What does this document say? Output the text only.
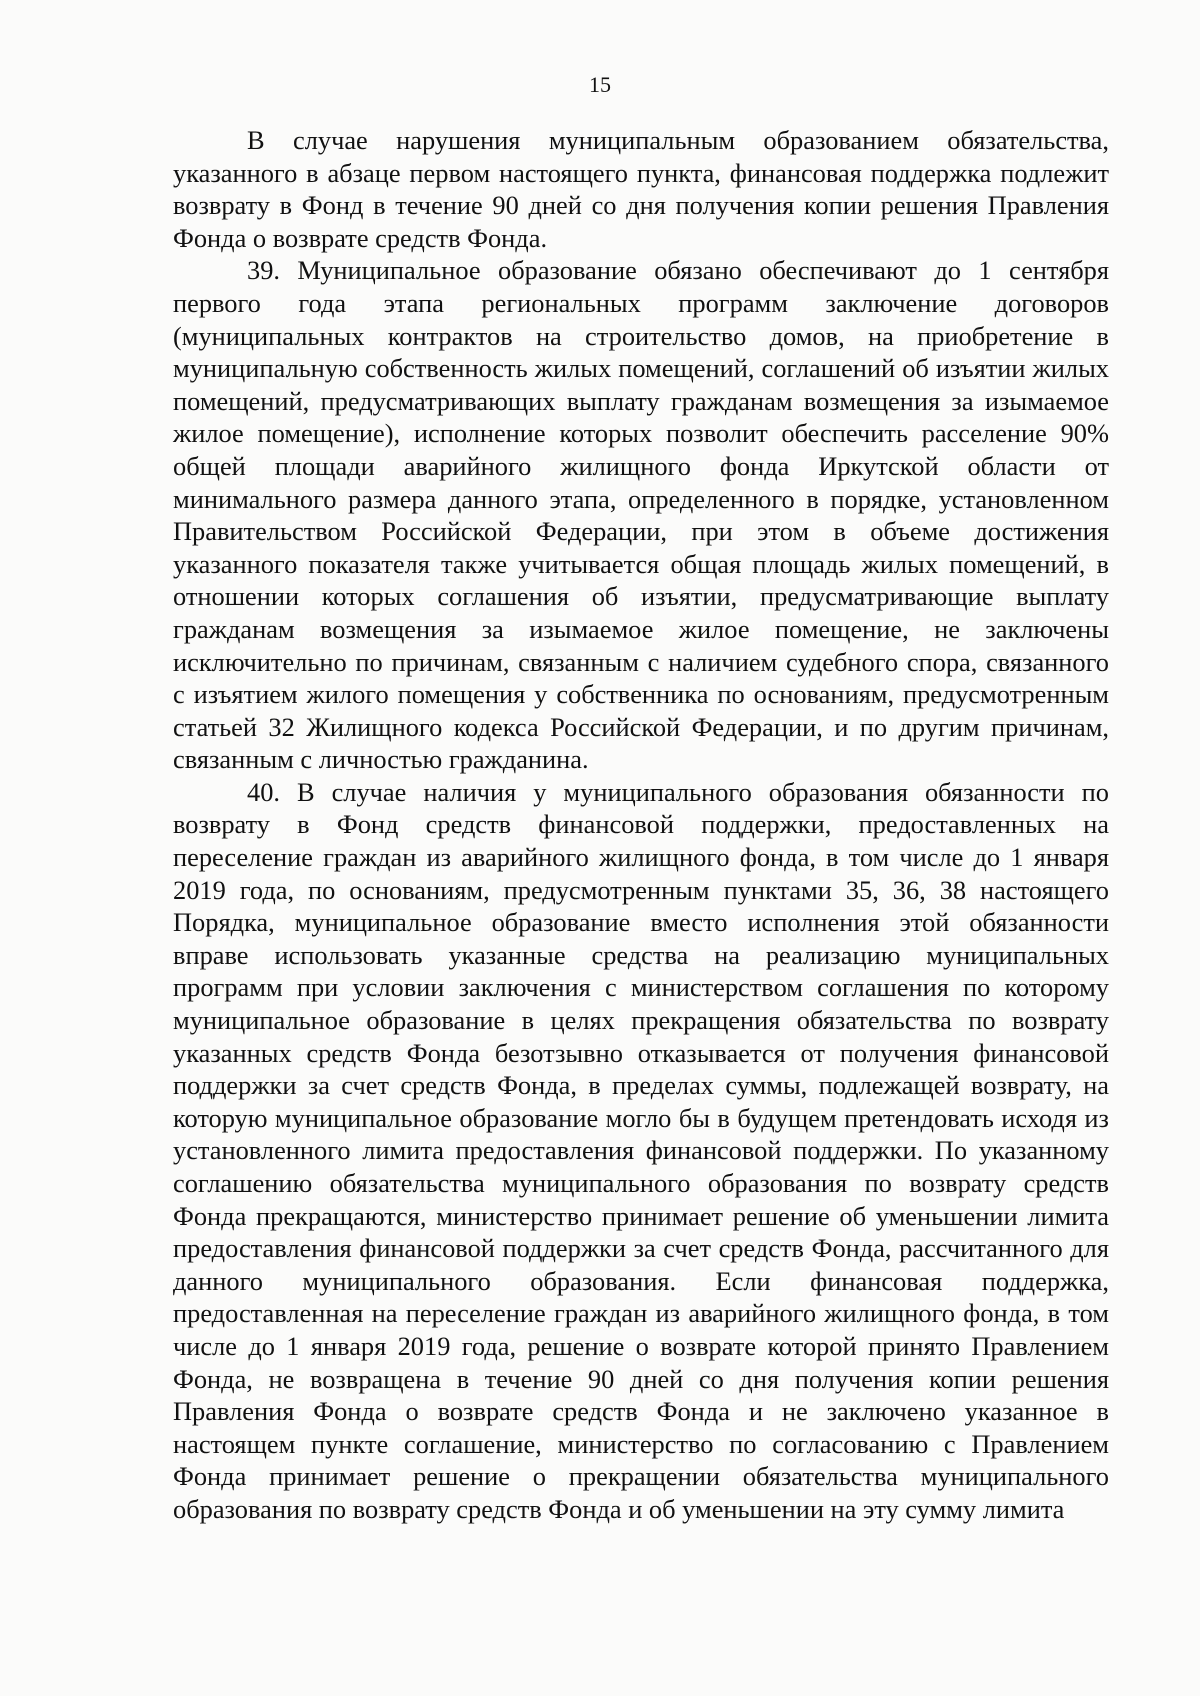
15

В случае нарушения муниципальным образованием обязательства, указанного в абзаце первом настоящего пункта, финансовая поддержка подлежит возврату в Фонд в течение 90 дней со дня получения копии решения Правления Фонда о возврате средств Фонда.

39. Муниципальное образование обязано обеспечивают до 1 сентября первого года этапа региональных программ заключение договоров (муниципальных контрактов на строительство домов, на приобретение в муниципальную собственность жилых помещений, соглашений об изъятии жилых помещений, предусматривающих выплату гражданам возмещения за изымаемое жилое помещение), исполнение которых позволит обеспечить расселение 90% общей площади аварийного жилищного фонда Иркутской области от минимального размера данного этапа, определенного в порядке, установленном Правительством Российской Федерации, при этом в объеме достижения указанного показателя также учитывается общая площадь жилых помещений, в отношении которых соглашения об изъятии, предусматривающие выплату гражданам возмещения за изымаемое жилое помещение, не заключены исключительно по причинам, связанным с наличием судебного спора, связанного с изъятием жилого помещения у собственника по основаниям, предусмотренным статьей 32 Жилищного кодекса Российской Федерации, и по другим причинам, связанным с личностью гражданина.

40. В случае наличия у муниципального образования обязанности по возврату в Фонд средств финансовой поддержки, предоставленных на переселение граждан из аварийного жилищного фонда, в том числе до 1 января 2019 года, по основаниям, предусмотренным пунктами 35, 36, 38 настоящего Порядка, муниципальное образование вместо исполнения этой обязанности вправе использовать указанные средства на реализацию муниципальных программ при условии заключения с министерством соглашения по которому муниципальное образование в целях прекращения обязательства по возврату указанных средств Фонда безотзывно отказывается от получения финансовой поддержки за счет средств Фонда, в пределах суммы, подлежащей возврату, на которую муниципальное образование могло бы в будущем претендовать исходя из установленного лимита предоставления финансовой поддержки. По указанному соглашению обязательства муниципального образования по возврату средств Фонда прекращаются, министерство принимает решение об уменьшении лимита предоставления финансовой поддержки за счет средств Фонда, рассчитанного для данного муниципального образования. Если финансовая поддержка, предоставленная на переселение граждан из аварийного жилищного фонда, в том числе до 1 января 2019 года, решение о возврате которой принято Правлением Фонда, не возвращена в течение 90 дней со дня получения копии решения Правления Фонда о возврате средств Фонда и не заключено указанное в настоящем пункте соглашение, министерство по согласованию с Правлением Фонда принимает решение о прекращении обязательства муниципального образования по возврату средств Фонда и об уменьшении на эту сумму лимита
